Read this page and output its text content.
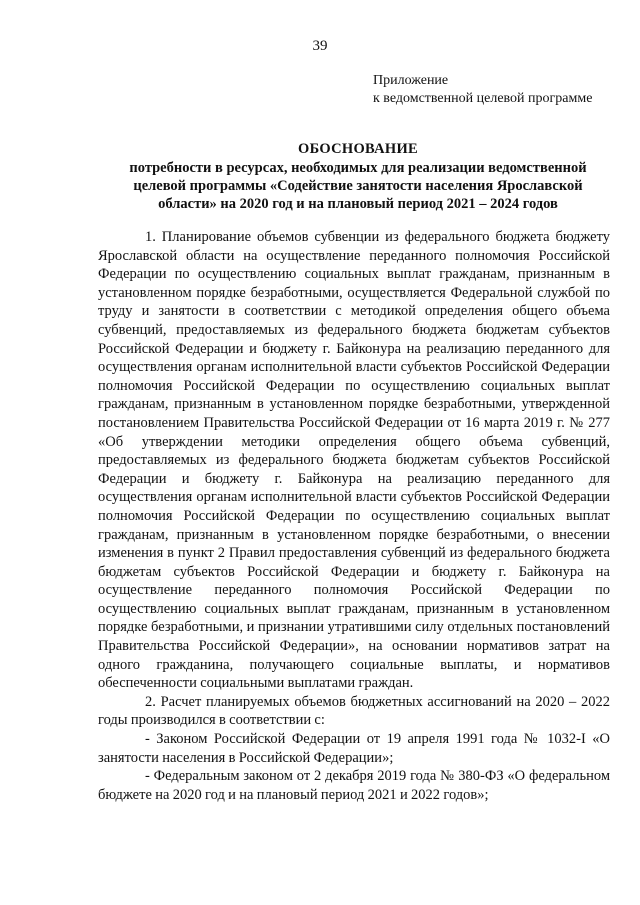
39
Приложение
к ведомственной целевой программе
ОБОСНОВАНИЕ
потребности в ресурсах, необходимых для реализации ведомственной
целевой программы «Содействие занятости населения Ярославской
области» на 2020 год и на плановый период 2021 – 2024 годов

1. Планирование объемов субвенции из федерального бюджета бюджету Ярославской области на осуществление переданного полномочия Российской Федерации по осуществлению социальных выплат гражданам, признанным в установленном порядке безработными, осуществляется Федеральной службой по труду и занятости в соответствии с методикой определения общего объема субвенций, предоставляемых из федерального бюджета бюджетам субъектов Российской Федерации и бюджету г. Байконура на реализацию переданного для осуществления органам исполнительной власти субъектов Российской Федерации полномочия Российской Федерации по осуществлению социальных выплат гражданам, признанным в установленном порядке безработными, утвержденной постановлением Правительства Российской Федерации от 16 марта 2019 г. № 277 «Об утверждении методики определения общего объема субвенций, предоставляемых из федерального бюджета бюджетам субъектов Российской Федерации и бюджету г. Байконура на реализацию переданного для осуществления органам исполнительной власти субъектов Российской Федерации полномочия Российской Федерации по осуществлению социальных выплат гражданам, признанным в установленном порядке безработными, о внесении изменения в пункт 2 Правил предоставления субвенций из федерального бюджета бюджетам субъектов Российской Федерации и бюджету г. Байконура на осуществление переданного полномочия Российской Федерации по осуществлению социальных выплат гражданам, признанным в установленном порядке безработными, и признании утратившими силу отдельных постановлений Правительства Российской Федерации», на основании нормативов затрат на одного гражданина, получающего социальные выплаты, и нормативов обеспеченности социальными выплатами граждан.

2. Расчет планируемых объемов бюджетных ассигнований на 2020 – 2022 годы производился в соответствии с:

- Законом Российской Федерации от 19 апреля 1991 года № 1032-I «О занятости населения в Российской Федерации»;

- Федеральным законом от 2 декабря 2019 года № 380-ФЗ «О федеральном бюджете на 2020 год и на плановый период 2021 и 2022 годов»;
